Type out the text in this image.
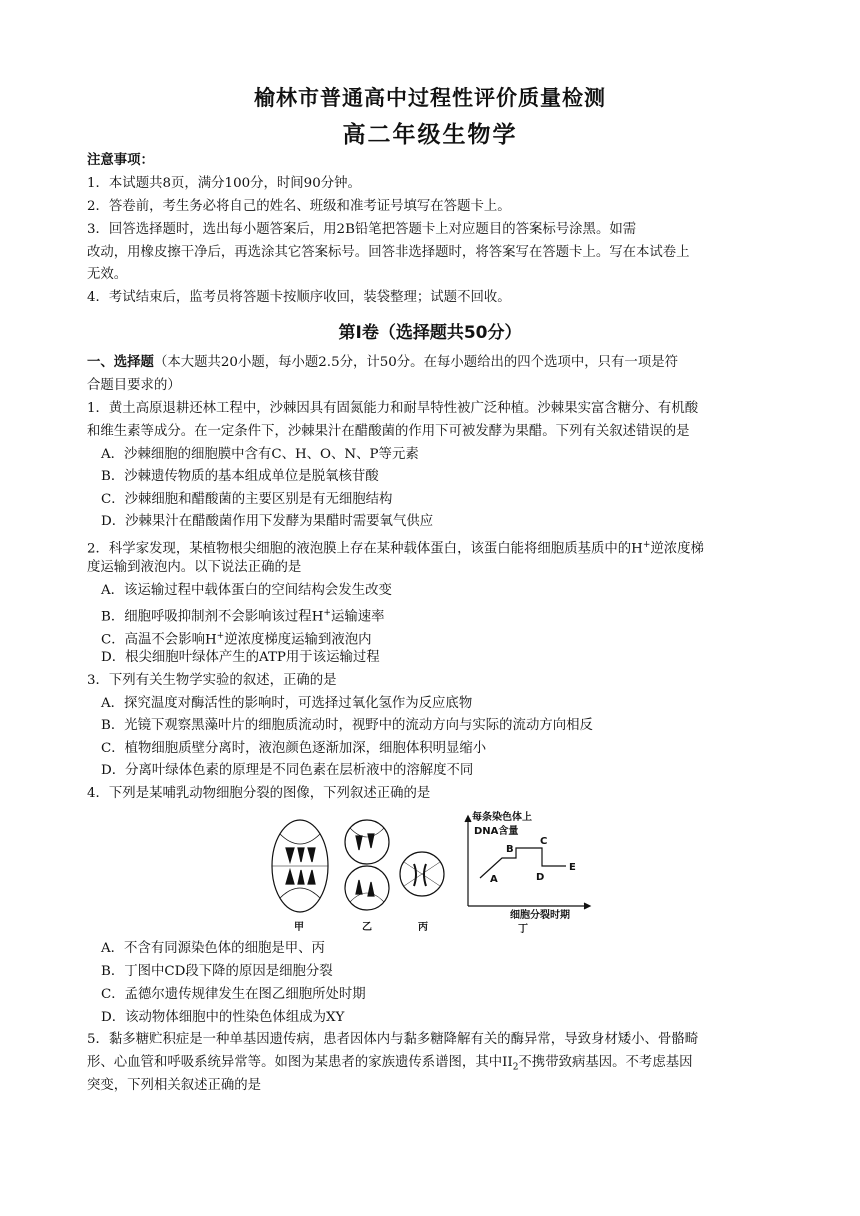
榆林市普通高中过程性评价质量检测
高二年级生物学
注意事项：
1．本试题共8页，满分100分，时间90分钟。
2．答卷前，考生务必将自己的姓名、班级和准考证号填写在答题卡上。
3．回答选择题时，选出每小题答案后，用2B铅笔把答题卡上对应题目的答案标号涂黑。如需
改动，用橡皮擦干净后，再选涂其它答案标号。回答非选择题时，将答案写在答题卡上。写在本试卷上
无效。
4．考试结束后，监考员将答题卡按顺序收回，装袋整理；试题不回收。
第Ⅰ卷（选择题共50分）
一、选择题（本大题共20小题，每小题2.5分，计50分。在每小题给出的四个选项中，只有一项是符
合题目要求的）
1．黄土高原退耕还林工程中，沙棘因具有固氮能力和耐旱特性被广泛种植。沙棘果实富含糖分、有机酸
和维生素等成分。在一定条件下，沙棘果汁在醋酸菌的作用下可被发酵为果醋。下列有关叙述错误的是
A．沙棘细胞的细胞膜中含有C、H、O、N、P等元素
B．沙棘遗传物质的基本组成单位是脱氧核苷酸
C．沙棘细胞和醋酸菌的主要区别是有无细胞结构
D．沙棘果汁在醋酸菌作用下发酵为果醋时需要氧气供应
2．科学家发现，某植物根尖细胞的液泡膜上存在某种载体蛋白，该蛋白能将细胞质基质中的H+逆浓度梯
度运输到液泡内。以下说法正确的是
A．该运输过程中载体蛋白的空间结构会发生改变
B．细胞呼吸抑制剂不会影响该过程H+运输速率
C．高温不会影响H+逆浓度梯度运输到液泡内
D．根尖细胞叶绿体产生的ATP用于该运输过程
3．下列有关生物学实验的叙述，正确的是
A．探究温度对酶活性的影响时，可选择过氧化氢作为反应底物
B．光镜下观察黑藻叶片的细胞质流动时，视野中的流动方向与实际的流动方向相反
C．植物细胞质壁分离时，液泡颜色逐渐加深，细胞体积明显缩小
D．分离叶绿体色素的原理是不同色素在层析液中的溶解度不同
4．下列是某哺乳动物细胞分裂的图像，下列叙述正确的是
每条染色体上
DNA含量
细胞分裂时期
A
B
C
D
E
甲	乙	丙	丁
A．不含有同源染色体的细胞是甲、丙
B．丁图中CD段下降的原因是细胞分裂
C．孟德尔遗传规律发生在图乙细胞所处时期
D．该动物体细胞中的性染色体组成为XY
5．黏多糖贮积症是一种单基因遗传病，患者因体内与黏多糖降解有关的酶异常，导致身材矮小、骨骼畸
形、心血管和呼吸系统异常等。如图为某患者的家族遗传系谱图，其中$II_2$不携带致病基因。不考虑基因
突变，下列相关叙述正确的是
